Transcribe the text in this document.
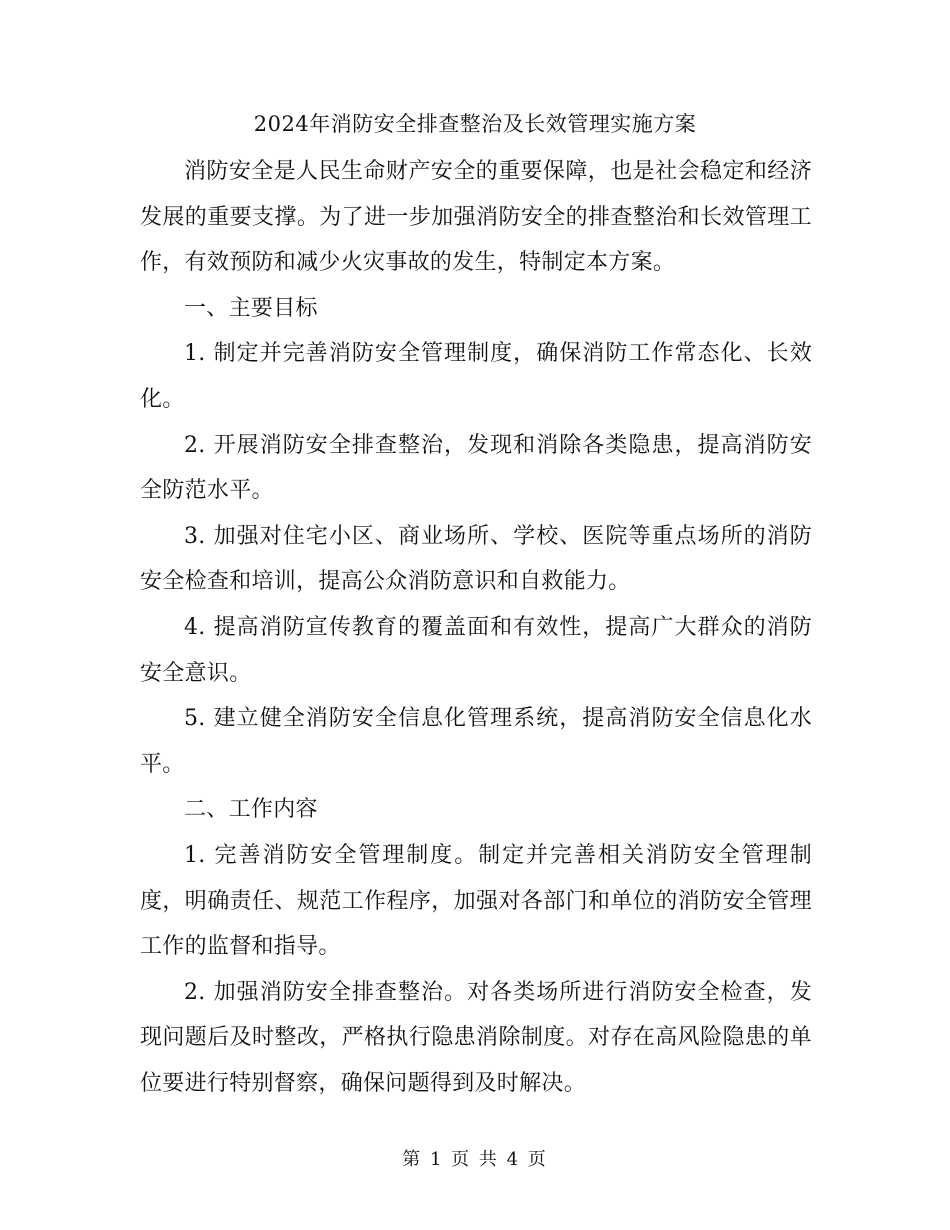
2024年消防安全排查整治及长效管理实施方案

消防安全是人民生命财产安全的重要保障，也是社会稳定和经济发展的重要支撑。为了进一步加强消防安全的排查整治和长效管理工作，有效预防和减少火灾事故的发生，特制定本方案。

一、主要目标

1. 制定并完善消防安全管理制度，确保消防工作常态化、长效化。

2. 开展消防安全排查整治，发现和消除各类隐患，提高消防安全防范水平。

3. 加强对住宅小区、商业场所、学校、医院等重点场所的消防安全检查和培训，提高公众消防意识和自救能力。

4. 提高消防宣传教育的覆盖面和有效性，提高广大群众的消防安全意识。

5. 建立健全消防安全信息化管理系统，提高消防安全信息化水平。

二、工作内容

1. 完善消防安全管理制度。制定并完善相关消防安全管理制度，明确责任、规范工作程序，加强对各部门和单位的消防安全管理工作的监督和指导。

2. 加强消防安全排查整治。对各类场所进行消防安全检查，发现问题后及时整改，严格执行隐患消除制度。对存在高风险隐患的单位要进行特别督察，确保问题得到及时解决。

第 1 页 共 4 页
